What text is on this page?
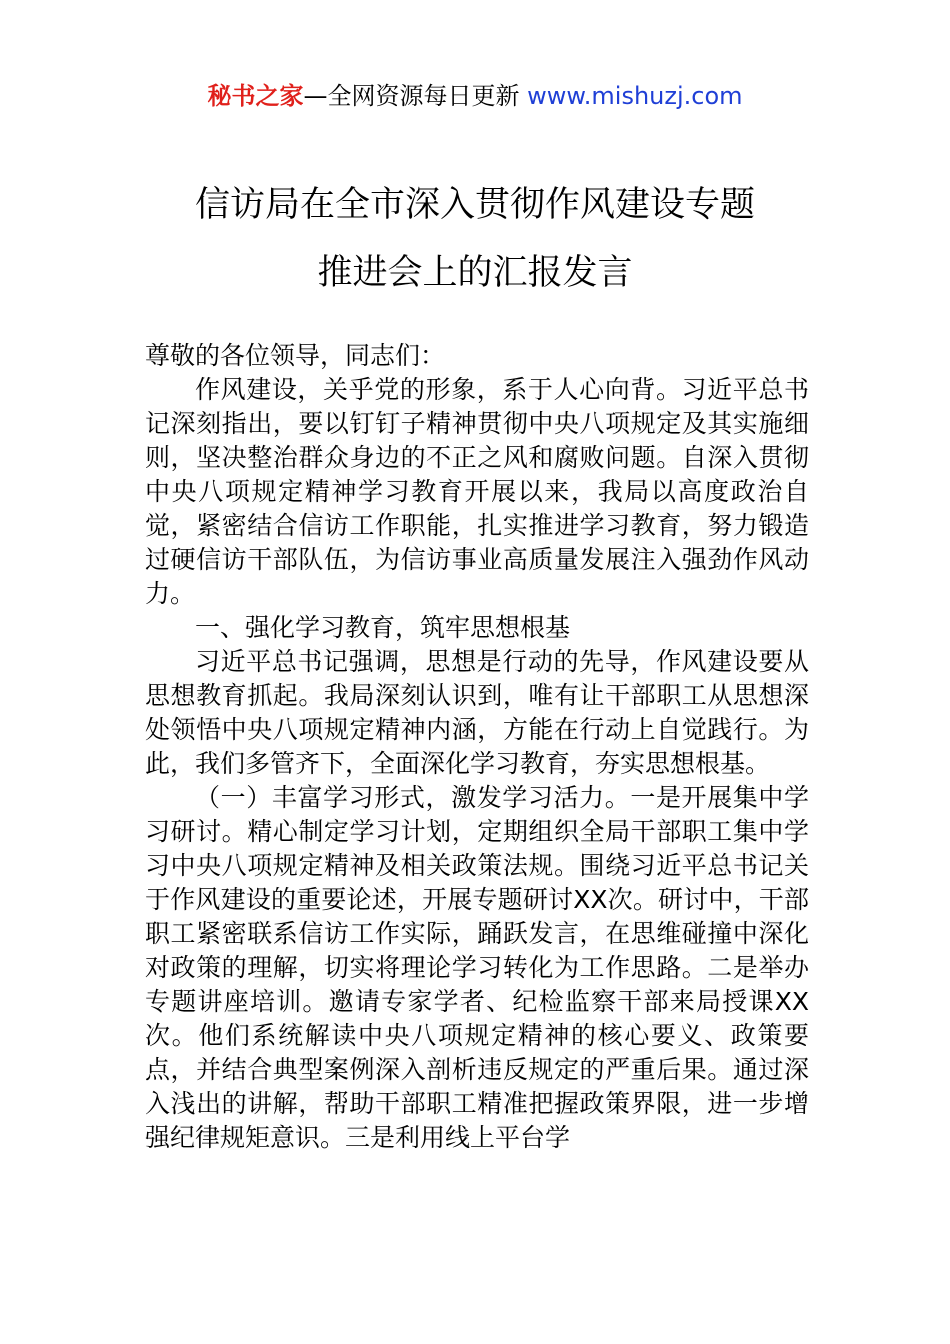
秘书之家—全网资源每日更新 www.mishuzj.com
信访局在全市深入贯彻作风建设专题
推进会上的汇报发言

尊敬的各位领导，同志们：

作风建设，关乎党的形象，系于人心向背。习近平总书记深刻指出，要以钉钉子精神贯彻中央八项规定及其实施细则，坚决整治群众身边的不正之风和腐败问题。自深入贯彻中央八项规定精神学习教育开展以来，我局以高度政治自觉，紧密结合信访工作职能，扎实推进学习教育，努力锻造过硬信访干部队伍，为信访事业高质量发展注入强劲作风动力。

一、强化学习教育，筑牢思想根基

习近平总书记强调，思想是行动的先导，作风建设要从思想教育抓起。我局深刻认识到，唯有让干部职工从思想深处领悟中央八项规定精神内涵，方能在行动上自觉践行。为此，我们多管齐下，全面深化学习教育，夯实思想根基。

（一）丰富学习形式，激发学习活力。一是开展集中学习研讨。精心制定学习计划，定期组织全局干部职工集中学习中央八项规定精神及相关政策法规。围绕习近平总书记关于作风建设的重要论述，开展专题研讨XX次。研讨中，干部职工紧密联系信访工作实际，踊跃发言，在思维碰撞中深化对政策的理解，切实将理论学习转化为工作思路。二是举办专题讲座培训。邀请专家学者、纪检监察干部来局授课XX次。他们系统解读中央八项规定精神的核心要义、政策要点，并结合典型案例深入剖析违反规定的严重后果。通过深入浅出的讲解，帮助干部职工精准把握政策界限，进一步增强纪律规矩意识。三是利用线上平台学
